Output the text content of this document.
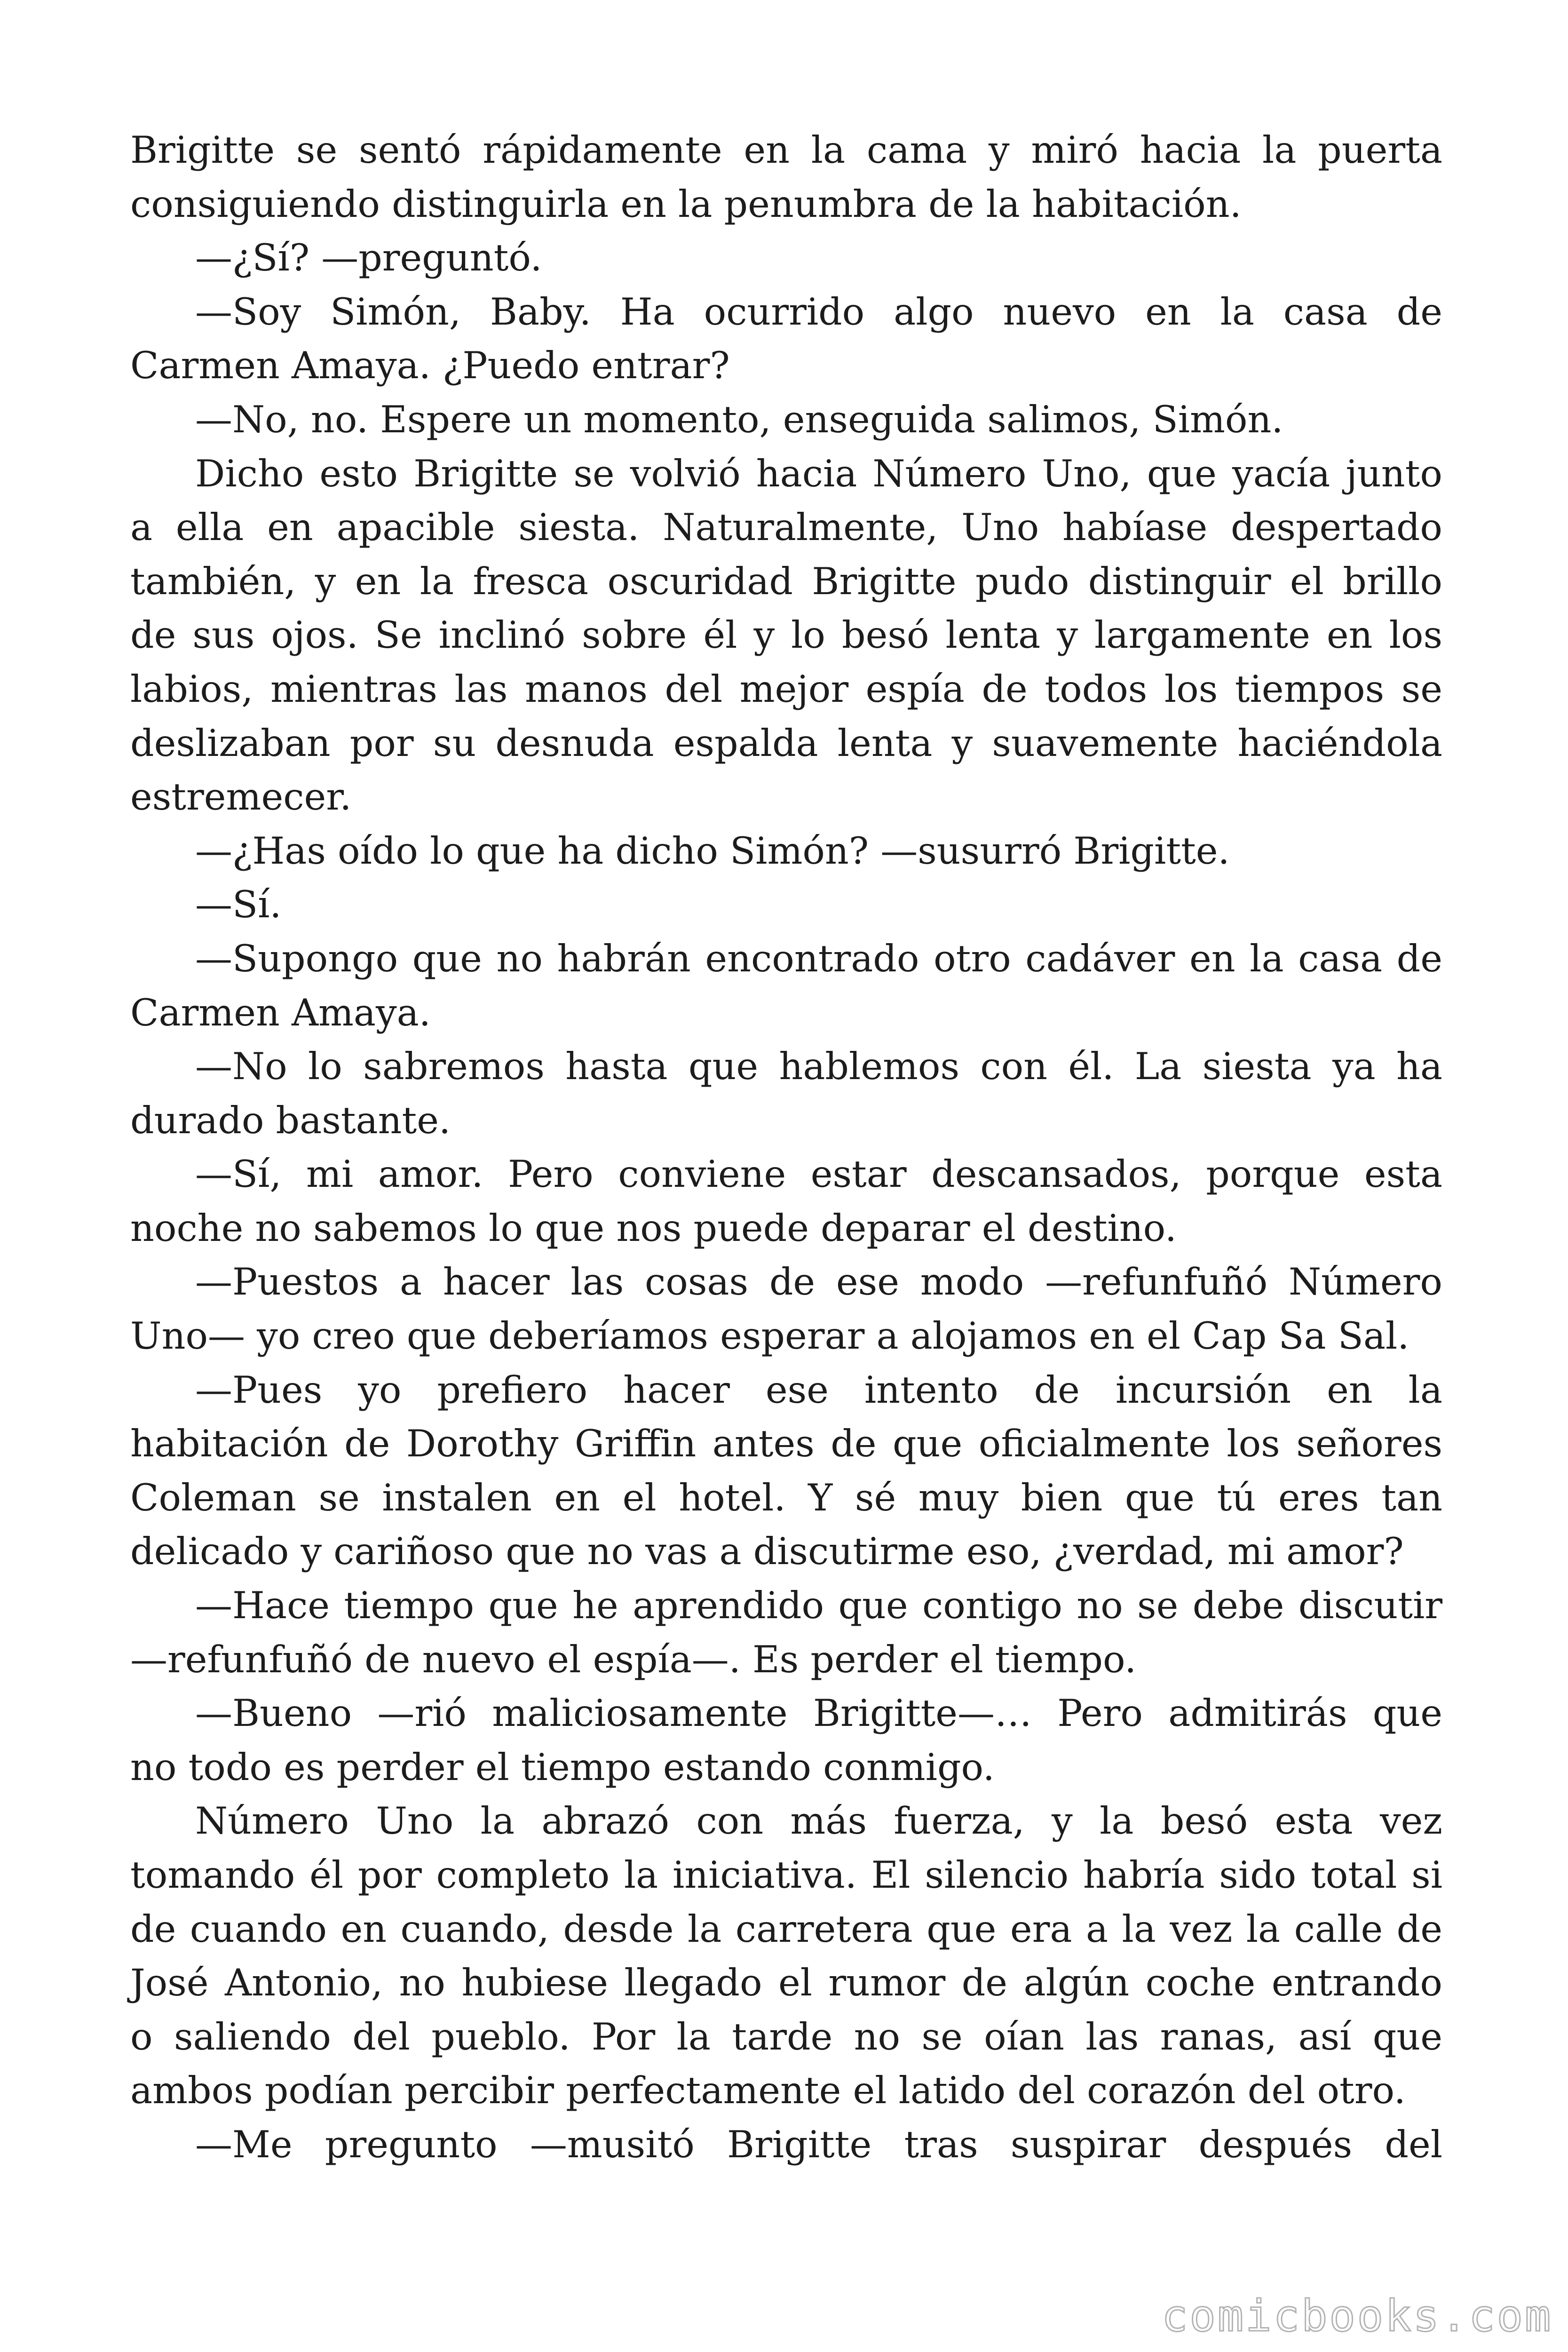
Brigitte se sentó rápidamente en la cama y miró hacia la puerta
consiguiendo distinguirla en la penumbra de la habitación.
—¿Sí? —preguntó.
—Soy Simón, Baby. Ha ocurrido algo nuevo en la casa de
Carmen Amaya. ¿Puedo entrar?
—No, no. Espere un momento, enseguida salimos, Simón.
Dicho esto Brigitte se volvió hacia Número Uno, que yacía junto
a ella en apacible siesta. Naturalmente, Uno habíase despertado
también, y en la fresca oscuridad Brigitte pudo distinguir el brillo
de sus ojos. Se inclinó sobre él y lo besó lenta y largamente en los
labios, mientras las manos del mejor espía de todos los tiempos se
deslizaban por su desnuda espalda lenta y suavemente haciéndola
estremecer.
—¿Has oído lo que ha dicho Simón? —susurró Brigitte.
—Sí.
—Supongo que no habrán encontrado otro cadáver en la casa de
Carmen Amaya.
—No lo sabremos hasta que hablemos con él. La siesta ya ha
durado bastante.
—Sí, mi amor. Pero conviene estar descansados, porque esta
noche no sabemos lo que nos puede deparar el destino.
—Puestos a hacer las cosas de ese modo —refunfuñó Número
Uno— yo creo que deberíamos esperar a alojamos en el Cap Sa Sal.
—Pues yo prefiero hacer ese intento de incursión en la
habitación de Dorothy Griffin antes de que oficialmente los señores
Coleman se instalen en el hotel. Y sé muy bien que tú eres tan
delicado y cariñoso que no vas a discutirme eso, ¿verdad, mi amor?
—Hace tiempo que he aprendido que contigo no se debe discutir
—refunfuñó de nuevo el espía—. Es perder el tiempo.
—Bueno —rió maliciosamente Brigitte—… Pero admitirás que
no todo es perder el tiempo estando conmigo.
Número Uno la abrazó con más fuerza, y la besó esta vez
tomando él por completo la iniciativa. El silencio habría sido total si
de cuando en cuando, desde la carretera que era a la vez la calle de
José Antonio, no hubiese llegado el rumor de algún coche entrando
o saliendo del pueblo. Por la tarde no se oían las ranas, así que
ambos podían percibir perfectamente el latido del corazón del otro.
—Me pregunto —musitó Brigitte tras suspirar después del
comicbooks.com
